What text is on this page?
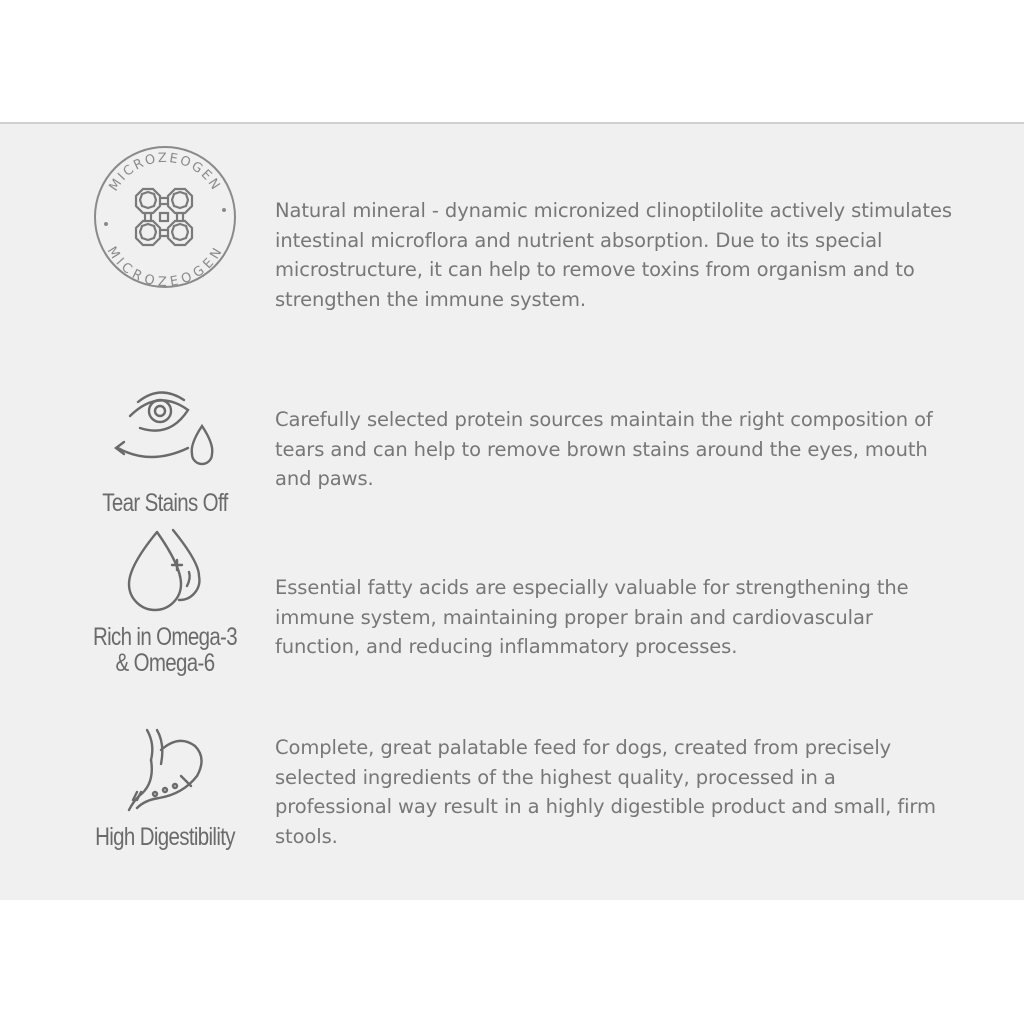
MICROZEOGEN
MICROZEOGEN
Natural mineral - dynamic micronized clinoptilolite actively stimulates intestinal microflora and nutrient absorption. Due to its special microstructure, it can help to remove toxins from organism and to strengthen the immune system.
Tear Stains Off
Carefully selected protein sources maintain the right composition of tears and can help to remove brown stains around the eyes, mouth and paws.
Rich in Omega-3
& Omega-6
Essential fatty acids are especially valuable for strengthening the immune system, maintaining proper brain and cardiovascular function, and reducing inflammatory processes.
High Digestibility
Complete, great palatable feed for dogs, created from precisely selected ingredients of the highest quality, processed in a professional way result in a highly digestible product and small, firm stools.
